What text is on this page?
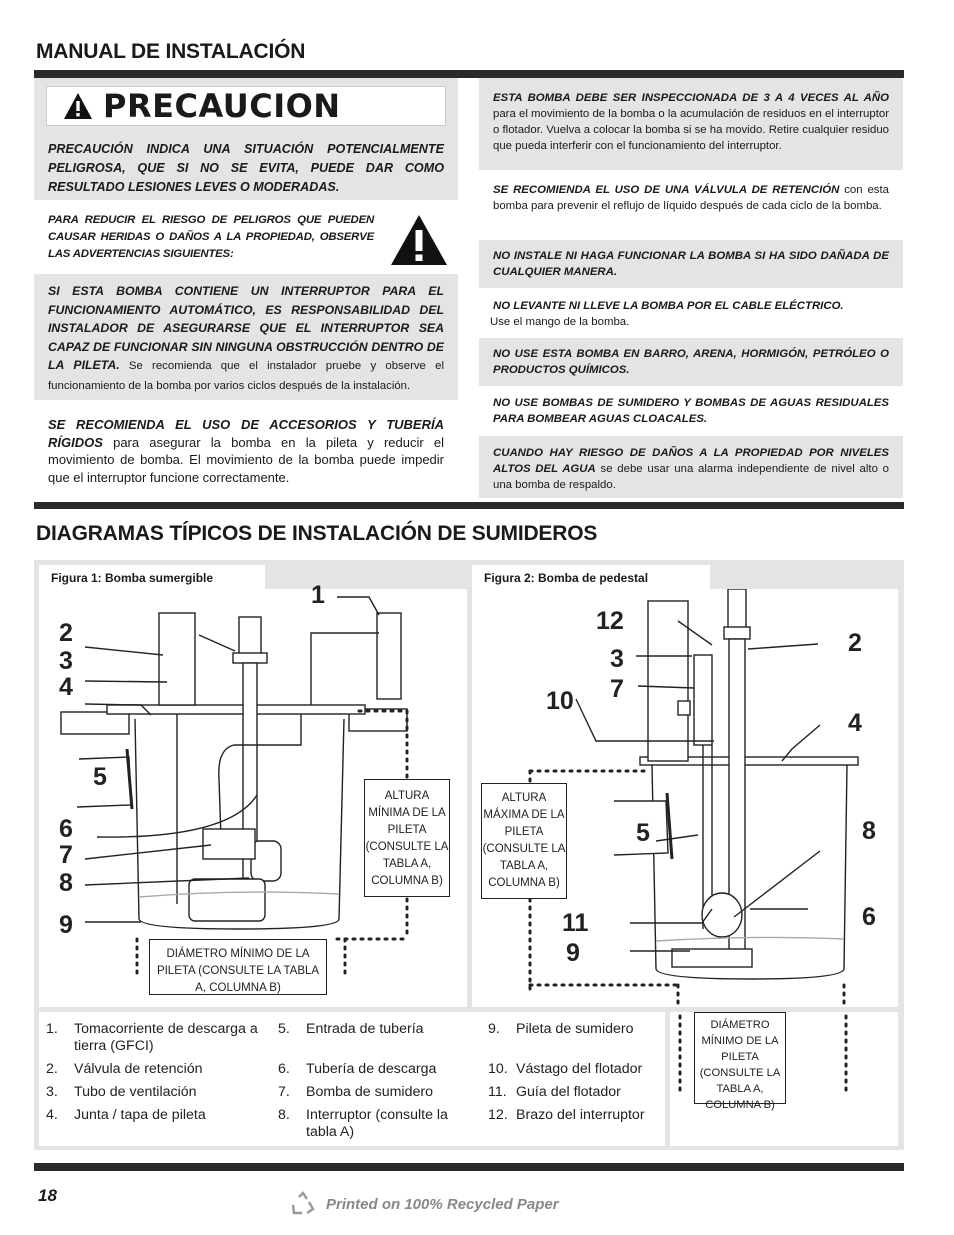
MANUAL DE INSTALACIÓN
PRECAUCION
PRECAUCIÓN INDICA UNA SITUACIÓN POTENCIALMENTE PELIGROSA, QUE SI NO SE EVITA, PUEDE DAR COMO RESULTADO LESIONES LEVES O MODERADAS.
PARA REDUCIR EL RIESGO DE PELIGROS QUE PUEDEN CAUSAR HERIDAS O DAÑOS A LA PROPIEDAD, OBSERVE LAS ADVERTENCIAS SIGUIENTES:
SI ESTA BOMBA CONTIENE UN INTERRUPTOR PARA EL FUNCIONAMIENTO AUTOMÁTICO, ES RESPONSABILIDAD DEL INSTALADOR DE ASEGURARSE QUE EL INTERRUPTOR SEA CAPAZ DE FUNCIONAR SIN NINGUNA OBSTRUCCIÓN DENTRO DE LA PILETA. Se recomienda que el instalador pruebe y observe el funcionamiento de la bomba por varios ciclos después de la instalación.
SE RECOMIENDA EL USO DE ACCESORIOS Y TUBERÍA RÍGIDOS para asegurar la bomba en la pileta y reducir el movimiento de bomba. El movimiento de la bomba puede impedir que el interruptor funcione correctamente.
ESTA BOMBA DEBE SER INSPECCIONADA DE 3 A 4 VECES AL AÑO para el movimiento de la bomba o la acumulación de residuos en el interruptor o flotador. Vuelva a colocar la bomba si se ha movido. Retire cualquier residuo que pueda interferir con el funcionamiento del interruptor.
SE RECOMIENDA EL USO DE UNA VÁLVULA DE RETENCIÓN con esta bomba para prevenir el reflujo de líquido después de cada ciclo de la bomba.
NO INSTALE NI HAGA FUNCIONAR LA BOMBA SI HA SIDO DAÑADA DE CUALQUIER MANERA.
NO LEVANTE NI LLEVE LA BOMBA POR EL CABLE ELÉCTRICO.
Use el mango de la bomba.
NO USE ESTA BOMBA EN BARRO, ARENA, HORMIGÓN, PETRÓLEO O PRODUCTOS QUÍMICOS.
NO USE BOMBAS DE SUMIDERO Y BOMBAS DE AGUAS RESIDUALES PARA BOMBEAR AGUAS CLOACALES.
CUANDO HAY RIESGO DE DAÑOS A LA PROPIEDAD POR NIVELES ALTOS DEL AGUA se debe usar una alarma independiente de nivel alto o una bomba de respaldo.
DIAGRAMAS TÍPICOS DE INSTALACIÓN DE SUMIDEROS
ALTURA MÍNIMA DE LA PILETA (CONSULTE LA TABLA A, COLUMNA B)
DIÁMETRO MÍNIMO DE LA PILETA (CONSULTE LA TABLA A, COLUMNA B)
1
2
3
4
5
6
7
8
9
Figura 1: Bomba sumergible
ALTURA MÁXIMA DE LA PILETA (CONSULTE LA TABLA A, COLUMNA B)
12
3
7
10
2
4
5	8
11
9
6
Figura 2: Bomba de pedestal
DIÁMETRO MÍNIMO DE LA PILETA (CONSULTE LA TABLA A, COLUMNA B)
1.	Tomacorriente de descarga a tierra (GFCI)
2.	Válvula de retención
3.	Tubo de ventilación
4.	Junta / tapa de pileta
5.	Entrada de tubería
6.	Tubería de descarga
7.	Bomba de sumidero
8.	Interruptor (consulte la tabla A)
9.	Pileta de sumidero
10. Vástago del flotador
11. Guía del flotador
12. Brazo del interruptor
18	Printed on 100% Recycled Paper
